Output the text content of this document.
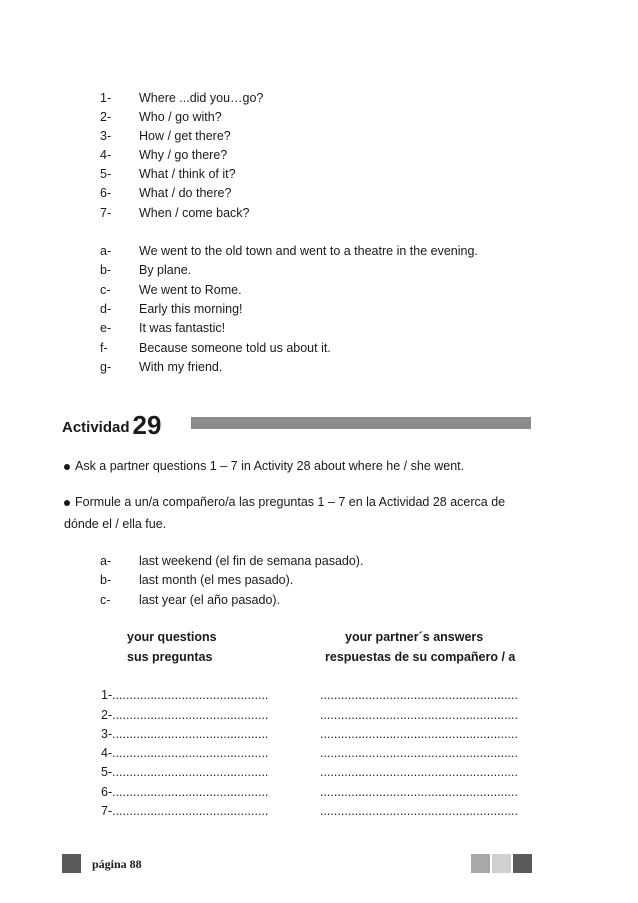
1- Where ...did you…go?
2- Who / go with?
3- How / get there?
4- Why / go there?
5- What / think of it?
6- What / do there?
7- When / come back?
a- We went to the old town and went to a theatre in the evening.
b- By plane.
c- We went to Rome.
d- Early this morning!
e- It was fantastic!
f-	Because someone told us about it.
g- With my friend.
Actividad 29
Ask a partner questions 1 – 7 in Activity 28 about where he / she went.
Formule a un/a compañero/a las preguntas 1 – 7 en la Actividad 28 acerca de
dónde el / ella fue.
a- last weekend (el fin de semana pasado).
b- last month (el mes pasado).
c- last year (el año pasado).
your questions
sus preguntas
your partner´s answers
respuestas de su compañero / a
1-.............................................
2-.............................................
3-.............................................
4-.............................................
5-.............................................
6-.............................................
7-.............................................
.........................................................
.........................................................
.........................................................
.........................................................
.........................................................
.........................................................
.........................................................
página 88
